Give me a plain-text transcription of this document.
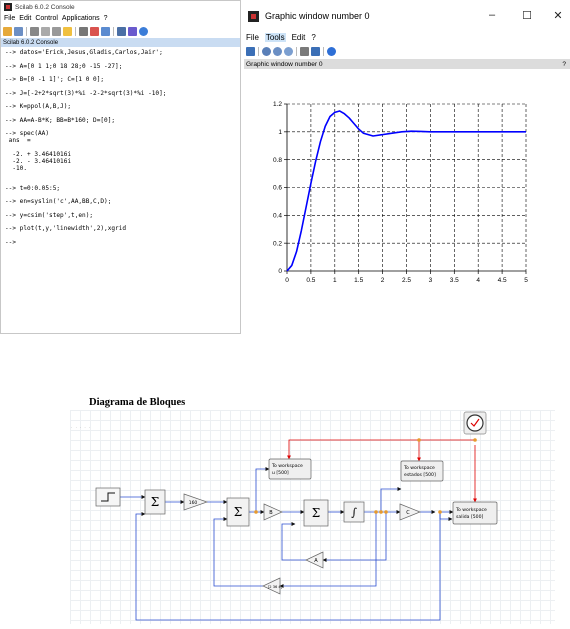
Scilab 6.0.2 Console
File Edit Control Applications ?
Scilab 6.0.2 Console
--> datos='Erick,Jesus,Gladis,Carlos,Jair';
--> A=[0 1 1;0 18 28;0 -15 -27];
--> B=[0 -1 1]'; C=[1 0 0];
--> J=[-2+2*sqrt(3)*%i -2-2*sqrt(3)*%i -10];
--> K=ppol(A,B,J);
--> AA=A-B*K; BB=B*160; D=[0];
--> spec(AA)
ans  =
-2. + 3.4641016i
-2. - 3.4641016i
-10.
--> t=0:0.05:5;
--> en=syslin('c',AA,BB,C,D);
--> y=csim('step',t,en);
--> plot(t,y,'linewidth',2),xgrid
-->
Graphic window number 0	–	☐	✕
File Tools Edit ?
Graphic window number 0	?
0	0.5	1	1.5	2	2.5	3	3.5	4	4.5	5
0
0.2
0.4
0.6
0.8
1
1.2
Diagrama de Bloques
· · · · ·
Σ	160
Σ	B	Σ	∫	C
A
[2 36 4]
To workspace
u [500]
To workspace
estados [500]
To workspace
salida [500]
